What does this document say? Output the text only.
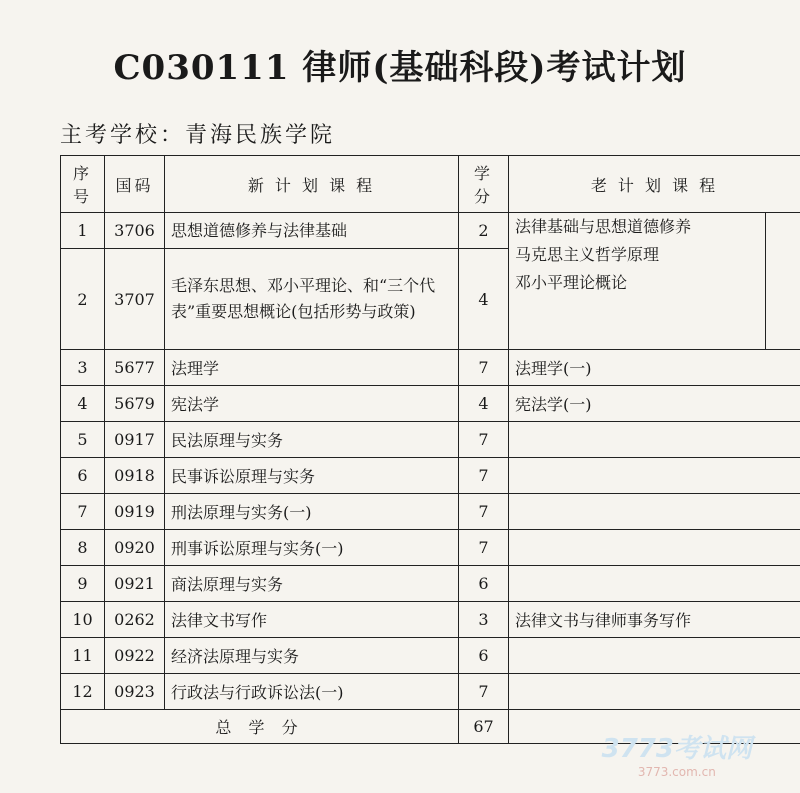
C030111 律师(基础科段)考试计划
主考学校：青海民族学院
序号	国码	新 计 划 课 程	学分	老 计 划 课 程
1	3706	思想道德修养与法律基础	2	法律基础与思想道德修养
马克思主义哲学原理
邓小平理论概论

2	3707	毛泽东思想、邓小平理论、和“三个代表”重要思想概论(包括形势与政策)	4	
3	5677	法理学	7	法理学(一)
4	5679	宪法学	4	宪法学(一)
5	0917	民法原理与实务	7	
6	0918	民事诉讼原理与实务	7	
7	0919	刑法原理与实务(一)	7	
8	0920	刑事诉讼原理与实务(一)	7	
9	0921	商法原理与实务	6	
10	0262	法律文书写作	3	法律文书与律师事务写作
11	0922	经济法原理与实务	6	
12	0923	行政法与行政诉讼法(一)	7	
总 学 分			67	
3773考试网
3773.com.cn
